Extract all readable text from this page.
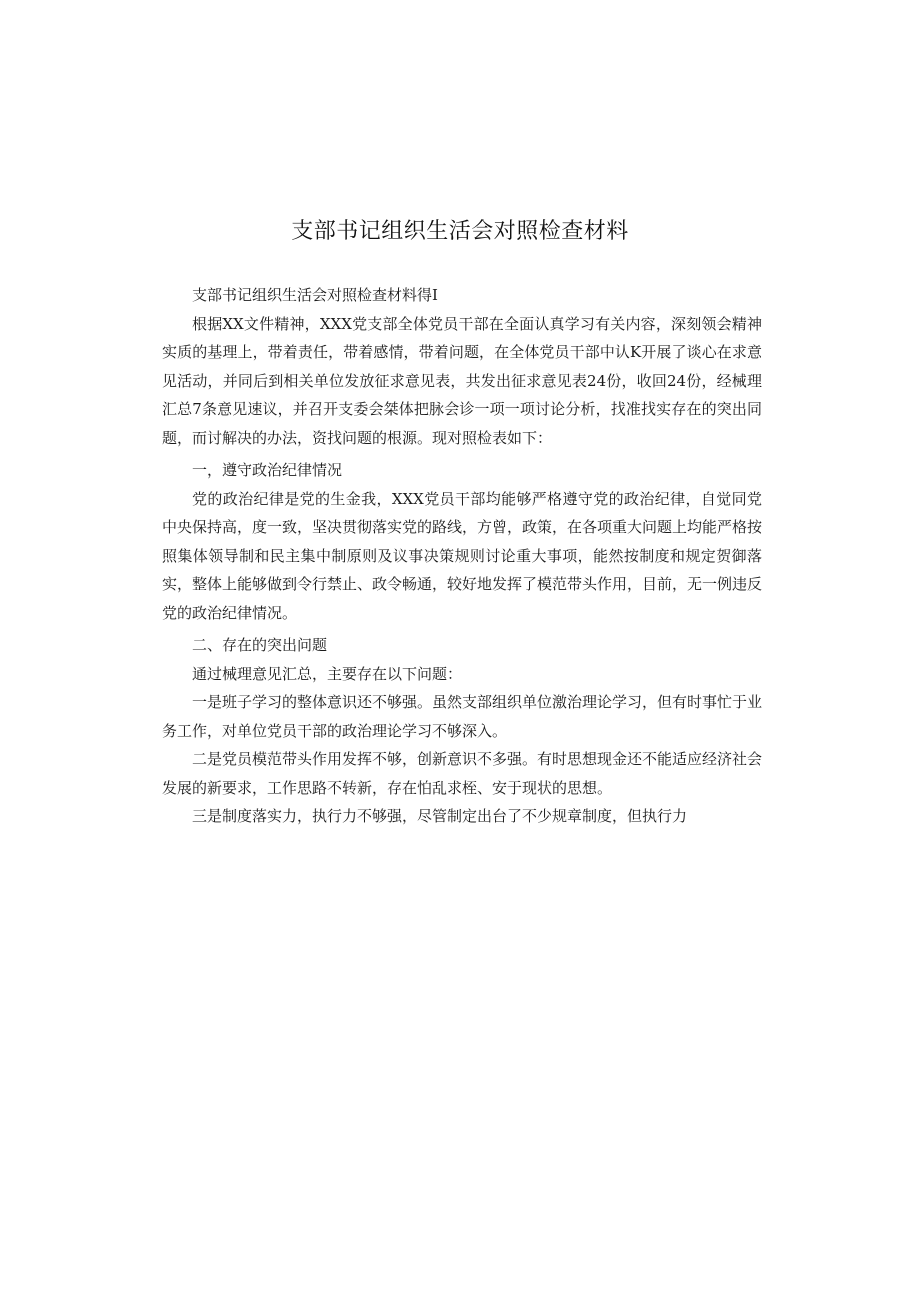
支部书记组织生活会对照检查材料

支部书记组织生活会对照检查材料得I

根据XX文件精神，XXX党支部全体党员干部在全面认真学习有关内容，深刻领会精神实质的基理上，带着责任，带着感情，带着问题，在全体党员干部中认K开展了谈心在求意见活动，并同后到相关单位发放征求意见表，共发出征求意见表24份，收回24份，经械理汇总7条意见速议，并召开支委会桀体把脉会诊一项一项讨论分析，找准找实存在的突出同题，而讨解决的办法，资找问题的根源。现对照检表如下：

一，遵守政治纪律情况

党的政治纪律是党的生金我，XXX党员干部均能够严格遵守党的政治纪律，自觉同党中央保持高，度一致，坚决贯彻落实党的路线，方曾，政策，在各项重大问题上均能严格按照集体领导制和民主集中制原则及议事决策规则讨论重大事项，能然按制度和规定贺御落实，整体上能够做到令行禁止、政令畅通，较好地发挥了模范带头作用，目前，无一例违反党的政治纪律情况。

二、存在的突出问题

通过械理意见汇总，主要存在以下问题：

一是班子学习的整体意识还不够强。虽然支部组织单位激治理论学习，但有时事忙于业务工作，对单位党员干部的政治理论学习不够深入。

二是党员模范带头作用发挥不够，创新意识不多强。有时思想现金还不能适应经济社会发展的新要求，工作思路不转新，存在怕乱求桎、安于现状的思想。

三是制度落实力，执行力不够强，尽管制定出台了不少规章制度，但执行力
